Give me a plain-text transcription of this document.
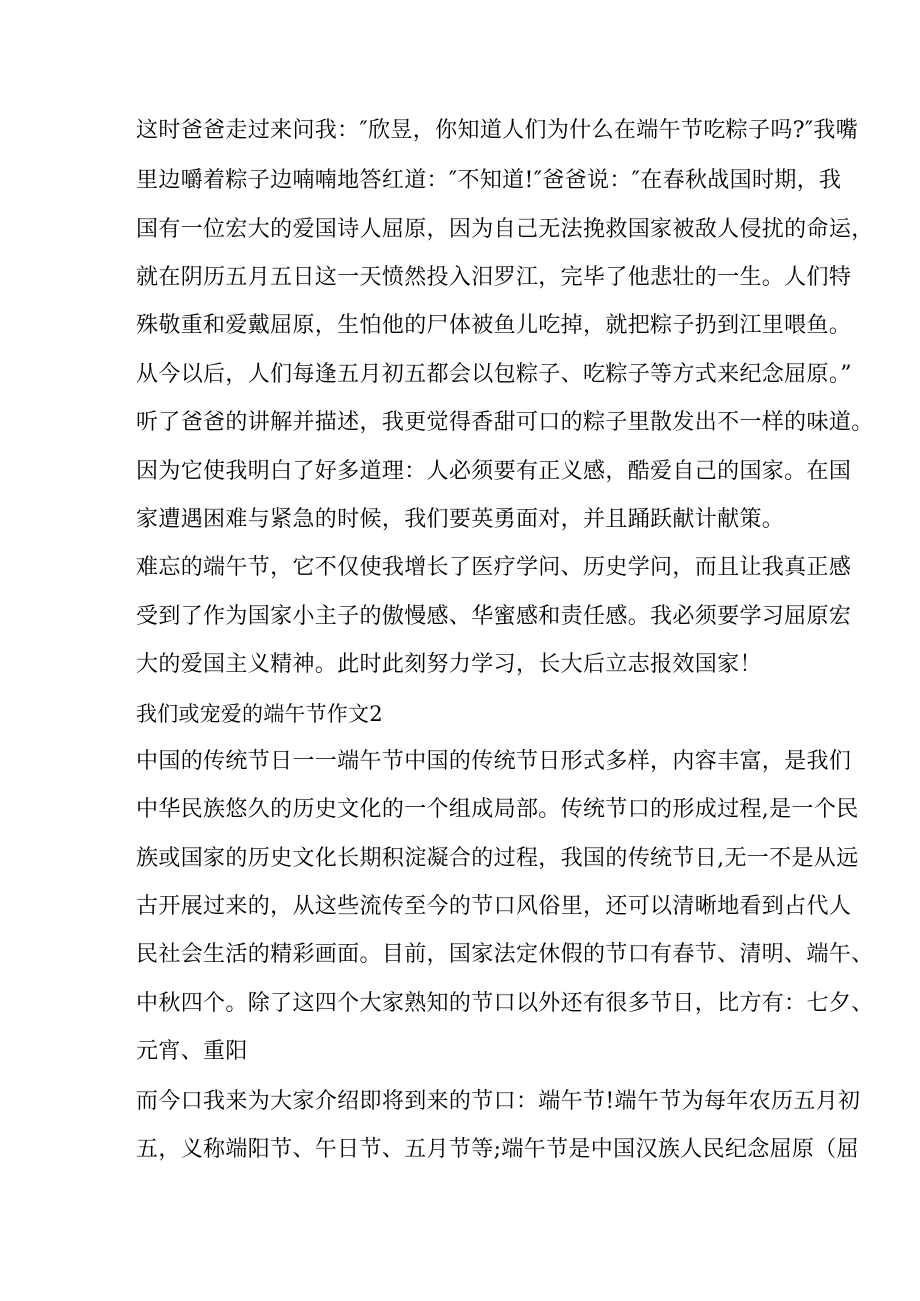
这时爸爸走过来问我：″欣昱，你知道人们为什么在端午节吃粽子吗?″我嘴
里边嚼着粽子边喃喃地答红道：″不知道!″爸爸说：″在春秋战国时期，我
国有一位宏大的爱国诗人屈原，因为自己无法挽救国家被敌人侵扰的命运，
就在阴历五月五日这一天愤然投入汨罗江，完毕了他悲壮的一生。人们特
殊敬重和爱戴屈原，生怕他的尸体被鱼儿吃掉，就把粽子扔到江里喂鱼。
从今以后，人们每逢五月初五都会以包粽子、吃粽子等方式来纪念屈原。”
听了爸爸的讲解并描述，我更觉得香甜可口的粽子里散发出不一样的味道。
因为它使我明白了好多道理：人必须要有正义感，酷爱自己的国家。在国
家遭遇困难与紧急的时候，我们要英勇面对，并且踊跃献计献策。
难忘的端午节，它不仅使我增长了医疗学问、历史学问，而且让我真正感
受到了作为国家小主子的傲慢感、华蜜感和责任感。我必须要学习屈原宏
大的爱国主义精神。此时此刻努力学习，长大后立志报效国家！
我们或宠爱的端午节作文2
中国的传统节日一一端午节中国的传统节日形式多样，内容丰富，是我们
中华民族悠久的历史文化的一个组成局部。传统节口的形成过程,是一个民
族或国家的历史文化长期积淀凝合的过程，我国的传统节日,无一不是从远
古开展过来的，从这些流传至今的节口风俗里，还可以清晰地看到占代人
民社会生活的精彩画面。目前，国家法定休假的节口有春节、清明、端午、
中秋四个。除了这四个大家熟知的节口以外还有很多节日，比方有：七夕、
元宵、重阳
而今口我来为大家介绍即将到来的节口：端午节!端午节为每年农历五月初
五，义称端阳节、午日节、五月节等;端午节是中国汉族人民纪念屈原（屈
